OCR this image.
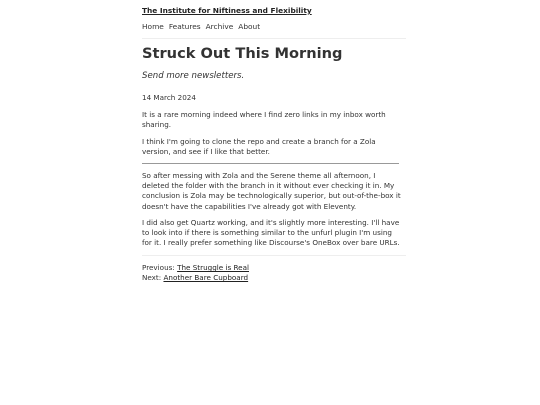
The Institute for Niftiness and Flexibility
Home Features Archive About
Struck Out This Morning
Send more newsletters.
14 March 2024

It is a rare morning indeed where I find zero links in my inbox worth sharing.

I think I'm going to clone the repo and create a branch for a Zola version, and see if I like that better.

So after messing with Zola and the Serene theme all afternoon, I deleted the folder with the branch in it without ever checking it in. My conclusion is Zola may be technologically superior, but out-of-the-box it doesn't have the capabilities I've already got with Eleventy.

I did also get Quartz working, and it's slightly more interesting. I'll have to look into if there is something similar to the unfurl plugin I'm using for it. I really prefer something like Discourse's OneBox over bare URLs.

Previous: The Struggle is Real
Next: Another Bare Cupboard
